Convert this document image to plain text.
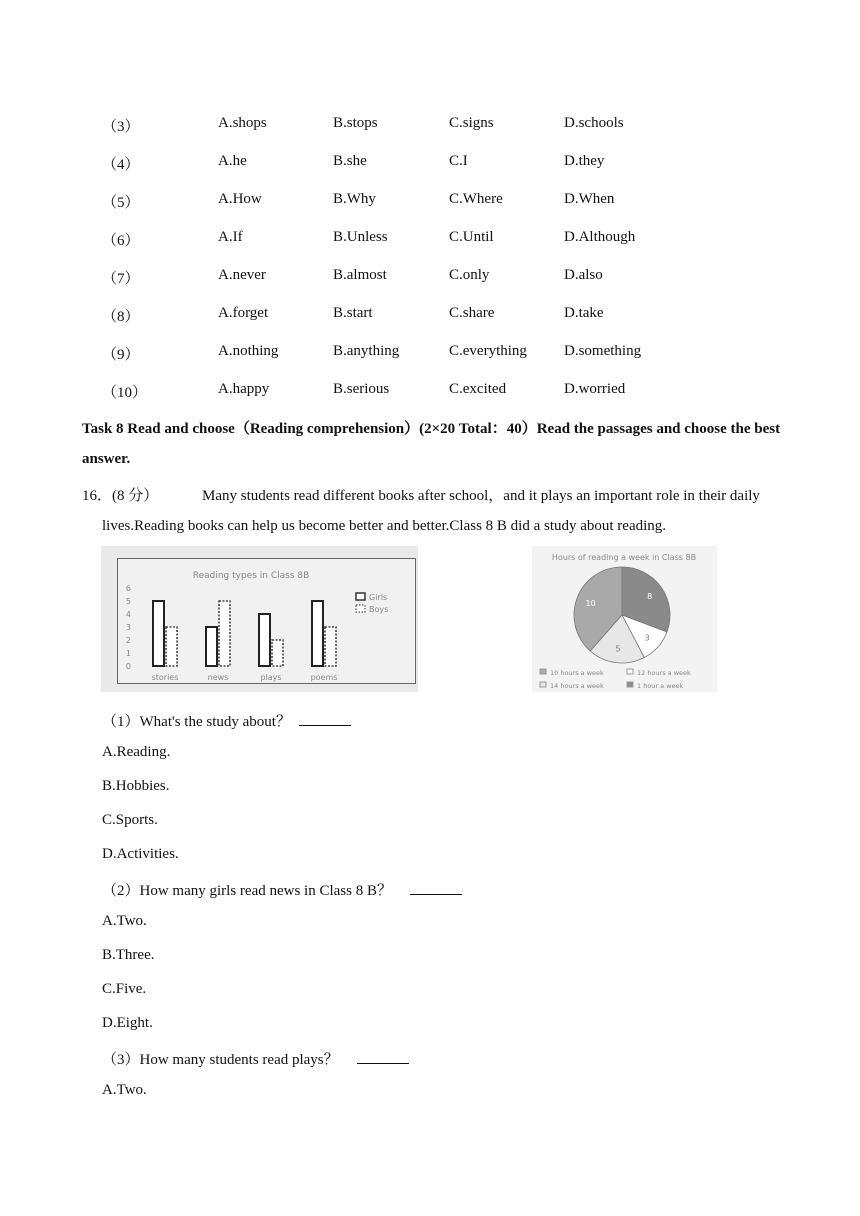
（3）	A.shops	B.stops	C.signs	D.schools
（4）	A.he	B.she	C.I	D.they
（5）	A.How	B.Why	C.Where	D.When
（6）	A.If	B.Unless	C.Until	D.Although
（7）	A.never	B.almost	C.only	D.also
（8）	A.forget	B.start	C.share	D.take
（9）	A.nothing	B.anything	C.everything D.something
（10）	A.happy	B.serious	C.excited	D.worried
Task 8 Read and choose（Reading comprehension）(2×20 Total：40）Read the passages and choose the best
answer.
16．(8 分）	Many students read different books after school，and it plays an important role in their daily
lives.Reading books can help us become better and better.Class 8 B did a study about reading.
Reading types in Class 8B
0
1
2
3
4
5
6
stories	news	plays	poems
Girls
Boys
Hours of reading a week in Class 8B
8
3
5
10
10 hours a week	12 hours a week
14 hours a week	1 hour a week
（1）What's the study about？
A.Reading.
B.Hobbies.
C.Sports.
D.Activities.
（2）How many girls read news in Class 8 B？
A.Two.
B.Three.
C.Five.
D.Eight.
（3）How many students read plays？
A.Two.
